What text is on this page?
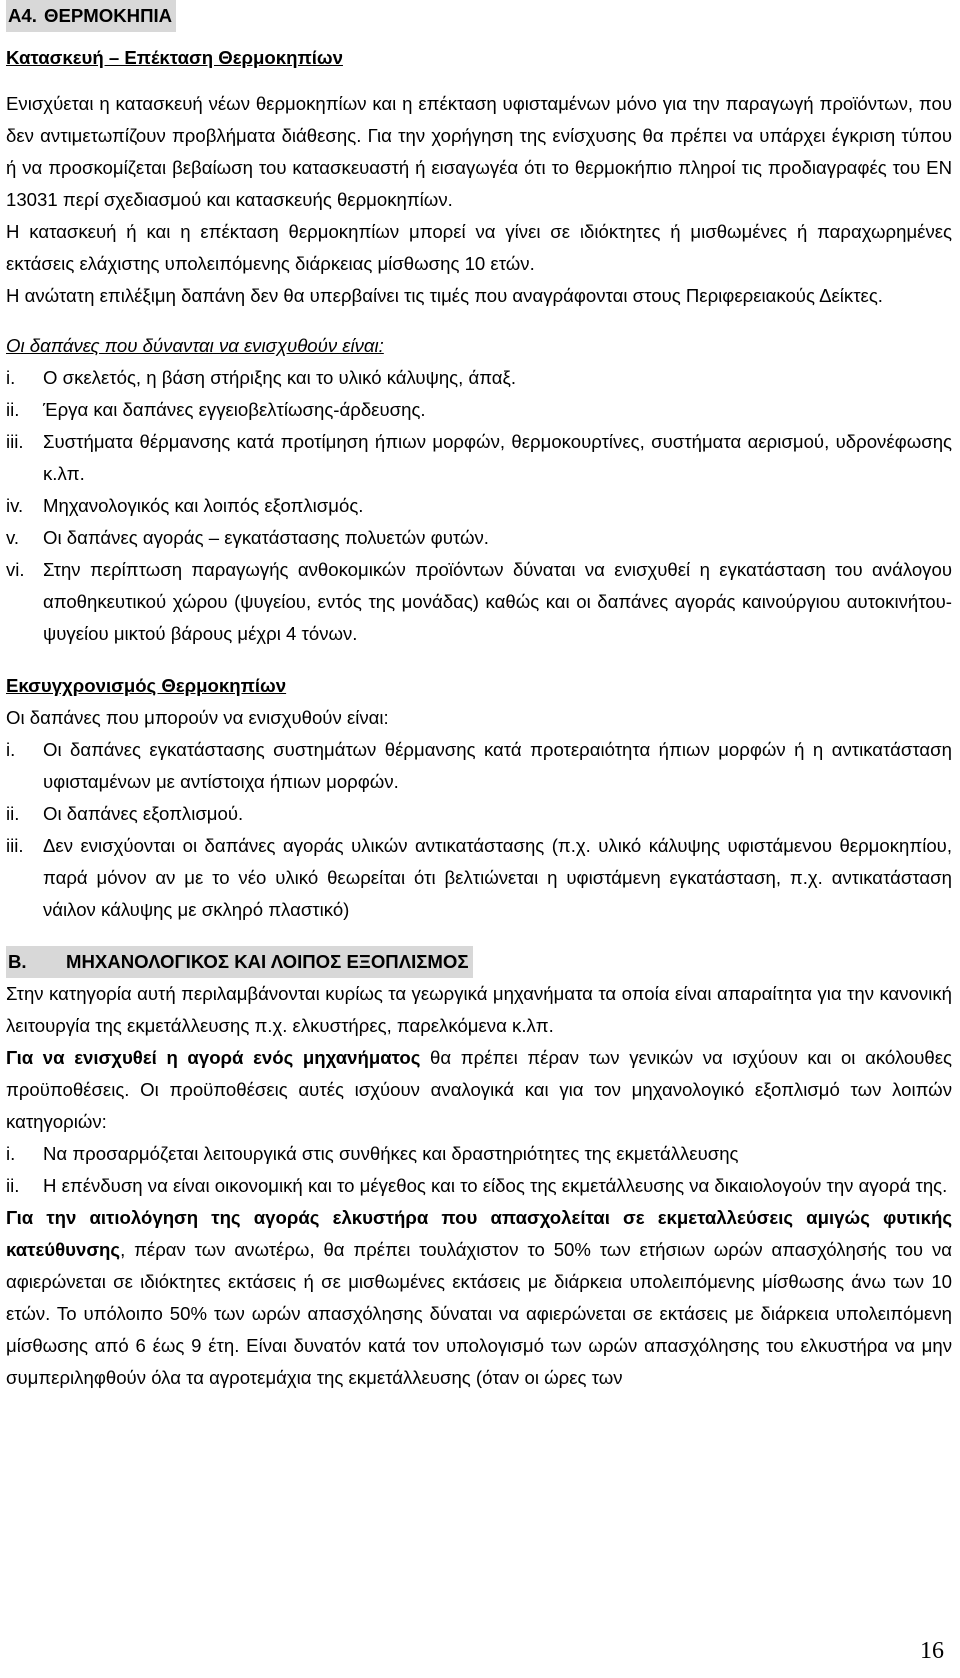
Α4. ΘΕΡΜΟΚΗΠΙΑ
Κατασκευή – Επέκταση Θερμοκηπίων

Ενισχύεται η κατασκευή νέων θερμοκηπίων και η επέκταση υφισταμένων μόνο για την παραγωγή προϊόντων, που δεν αντιμετωπίζουν προβλήματα διάθεσης. Για την χορήγηση της ενίσχυσης θα πρέπει να υπάρχει έγκριση τύπου ή να προσκομίζεται βεβαίωση του κατασκευαστή ή εισαγωγέα ότι το θερμοκήπιο πληροί τις προδιαγραφές του EN 13031 περί σχεδιασμού και κατασκευής θερμοκηπίων.

Η κατασκευή ή και η επέκταση θερμοκηπίων μπορεί να γίνει σε ιδιόκτητες ή μισθωμένες ή παραχωρημένες εκτάσεις ελάχιστης υπολειπόμενης διάρκειας μίσθωσης 10 ετών.

Η ανώτατη επιλέξιμη δαπάνη δεν θα υπερβαίνει τις τιμές που αναγράφονται στους Περιφερειακούς Δείκτες.

Οι δαπάνες που δύνανται να ενισχυθούν είναι:
i.	Ο σκελετός, η βάση στήριξης και το υλικό κάλυψης, άπαξ.
ii.	Έργα και δαπάνες εγγειοβελτίωσης-άρδευσης.
iii.	Συστήματα θέρμανσης κατά προτίμηση ήπιων μορφών, θερμοκουρτίνες, συστήματα αερισμού, υδρονέφωσης κ.λπ.
iv.	Μηχανολογικός και λοιπός εξοπλισμός.
v.	Οι δαπάνες αγοράς – εγκατάστασης πολυετών φυτών.
vi. Στην περίπτωση παραγωγής ανθοκομικών προϊόντων δύναται να ενισχυθεί η εγκατάσταση του ανάλογου αποθηκευτικού χώρου (ψυγείου, εντός της μονάδας) καθώς και οι δαπάνες αγοράς καινούργιου αυτοκινήτου-ψυγείου μικτού βάρους μέχρι 4 τόνων.
Εκσυγχρονισμός Θερμοκηπίων

Οι δαπάνες που μπορούν να ενισχυθούν είναι:

i.	Οι δαπάνες εγκατάστασης συστημάτων θέρμανσης κατά προτεραιότητα ήπιων μορφών ή η αντικατάσταση υφισταμένων με αντίστοιχα ήπιων μορφών.
ii.	Οι δαπάνες εξοπλισμού.
iii.	Δεν ενισχύονται οι δαπάνες αγοράς υλικών αντικατάστασης (π.χ. υλικό κάλυψης υφιστάμενου θερμοκηπίου, παρά μόνον αν με το νέο υλικό θεωρείται ότι βελτιώνεται η υφιστάμενη εγκατάσταση, π.χ. αντικατάσταση νάιλον κάλυψης με σκληρό πλαστικό)
Β. ΜΗΧΑΝΟΛΟΓΙΚΟΣ ΚΑΙ ΛΟΙΠΟΣ ΕΞΟΠΛΙΣΜΟΣ

Στην κατηγορία αυτή περιλαμβάνονται κυρίως τα γεωργικά μηχανήματα τα οποία είναι απαραίτητα για την κανονική λειτουργία της εκμετάλλευσης π.χ. ελκυστήρες, παρελκόμενα κ.λπ.

Για να ενισχυθεί η αγορά ενός μηχανήματος θα πρέπει πέραν των γενικών να ισχύουν και οι ακόλουθες προϋποθέσεις. Οι προϋποθέσεις αυτές ισχύουν αναλογικά και για τον μηχανολογικό εξοπλισμό των λοιπών κατηγοριών:

i.	Να προσαρμόζεται λειτουργικά στις συνθήκες και δραστηριότητες της εκμετάλλευσης
ii.	Η επένδυση να είναι οικονομική και το μέγεθος και το είδος της εκμετάλλευσης να δικαιολογούν την αγορά της.

Για την αιτιολόγηση της αγοράς ελκυστήρα που απασχολείται σε εκμεταλλεύσεις αμιγώς φυτικής κατεύθυνσης, πέραν των ανωτέρω, θα πρέπει τουλάχιστον το 50% των ετήσιων ωρών απασχόλησής του να αφιερώνεται σε ιδιόκτητες εκτάσεις ή σε μισθωμένες εκτάσεις με διάρκεια υπολειπόμενης μίσθωσης άνω των 10 ετών. Το υπόλοιπο 50% των ωρών απασχόλησης δύναται να αφιερώνεται σε εκτάσεις με διάρκεια υπολειπόμενη μίσθωσης από 6 έως 9 έτη. Είναι δυνατόν κατά τον υπολογισμό των ωρών απασχόλησης του ελκυστήρα να μην συμπεριληφθούν όλα τα αγροτεμάχια της εκμετάλλευσης (όταν οι ώρες των

16
